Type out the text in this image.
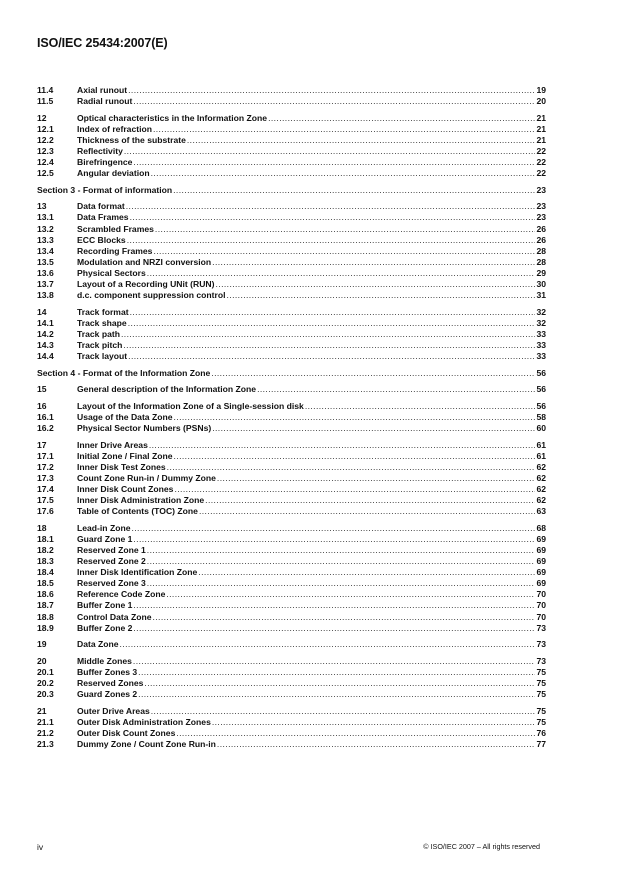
ISO/IEC 25434:2007(E)
11.4	Axial runout .....	19
11.5	Radial runout .....	20
12	Optical characteristics in the Information Zone .....	21
12.1	Index of refraction .....	21
12.2	Thickness of the substrate .....	21
12.3	Reflectivity .....	22
12.4	Birefringence .....	22
12.5	Angular deviation .....	22
Section 3 - Format of information .....	23
13	Data format .....	23
13.1	Data Frames .....	23
13.2	Scrambled Frames .....	26
13.3	ECC Blocks .....	26
13.4	Recording Frames .....	28
13.5	Modulation and NRZI conversion .....	28
13.6	Physical Sectors .....	29
13.7	Layout of a Recording UNit (RUN) .....	30
13.8	d.c. component suppression control .....	31
14	Track format .....	32
14.1	Track shape .....	32
14.2	Track path .....	33
14.3	Track pitch .....	33
14.4	Track layout .....	33
Section 4 - Format of the Information Zone .....	56
15	General description of the Information Zone .....	56
16	Layout of the Information Zone of a Single-session disk .....	56
16.1	Usage of the Data Zone .....	58
16.2	Physical Sector Numbers (PSNs) .....	60
17	Inner Drive Areas .....	61
17.1	Initial Zone / Final Zone .....	61
17.2	Inner Disk Test Zones .....	62
17.3	Count Zone Run-in / Dummy Zone .....	62
17.4	Inner Disk Count Zones .....	62
17.5	Inner Disk Administration Zone .....	62
17.6	Table of Contents (TOC) Zone .....	63
18	Lead-in Zone .....	68
18.1	Guard Zone 1 .....	69
18.2	Reserved Zone 1 .....	69
18.3	Reserved Zone 2 .....	69
18.4	Inner Disk Identification Zone .....	69
18.5	Reserved Zone 3 .....	69
18.6	Reference Code Zone .....	70
18.7	Buffer Zone 1 .....	70
18.8	Control Data Zone .....	70
18.9	Buffer Zone 2 .....	73
19	Data Zone .....	73
20	Middle Zones .....	73
20.1	Buffer Zones 3 .....	75
20.2	Reserved Zones .....	75
20.3	Guard Zones 2 .....	75
21	Outer Drive Areas .....	75
21.1	Outer Disk Administration Zones .....	75
21.2	Outer Disk Count Zones .....	76
21.3	Dummy Zone / Count Zone Run-in .....	77
iv	© ISO/IEC 2007 – All rights reserved
